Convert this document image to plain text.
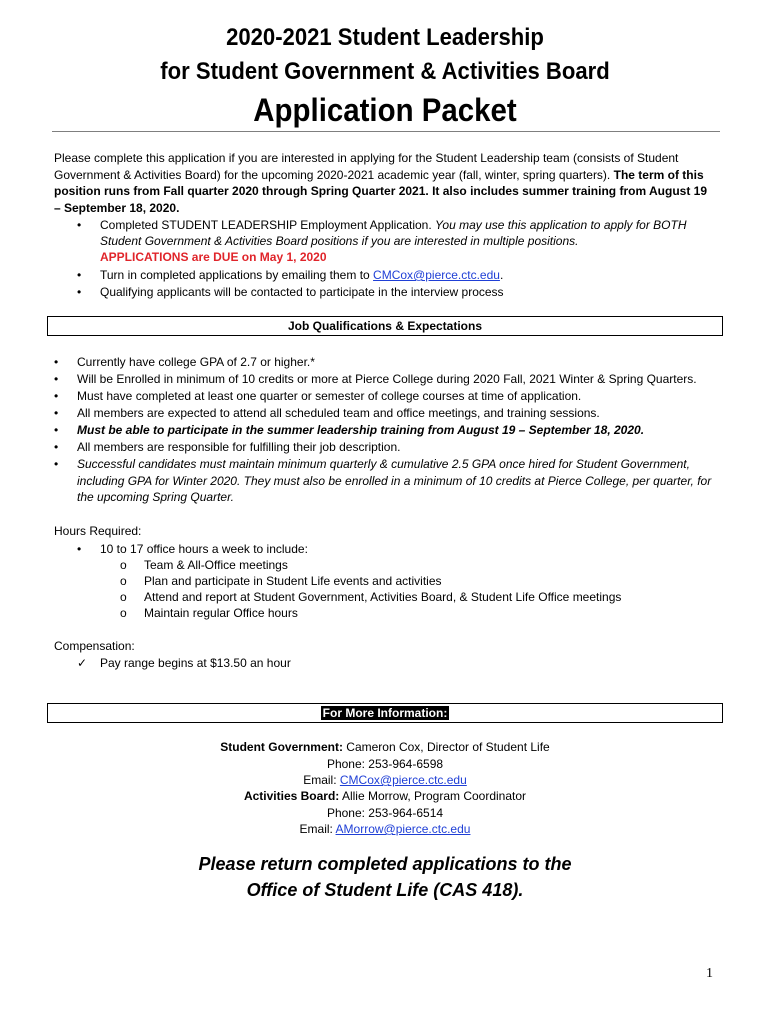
2020-2021 Student Leadership
for Student Government & Activities Board
Application Packet
Please complete this application if you are interested in applying for the Student Leadership team (consists of Student Government & Activities Board) for the upcoming 2020-2021 academic year (fall, winter, spring quarters). The term of this position runs from Fall quarter 2020 through Spring Quarter 2021. It also includes summer training from August 19 – September 18, 2020.
• Completed STUDENT LEADERSHIP Employment Application. You may use this application to apply for BOTH Student Government & Activities Board positions if you are interested in multiple positions.
APPLICATIONS are DUE on May 1, 2020
• Turn in completed applications by emailing them to CMCox@pierce.ctc.edu.
• Qualifying applicants will be contacted to participate in the interview process
Job Qualifications & Expectations
• Currently have college GPA of 2.7 or higher.*
• Will be Enrolled in minimum of 10 credits or more at Pierce College during 2020 Fall, 2021 Winter & Spring Quarters.
• Must have completed at least one quarter or semester of college courses at time of application.
• All members are expected to attend all scheduled team and office meetings, and training sessions.
• Must be able to participate in the summer leadership training from August 19 – September 18, 2020.
• All members are responsible for fulfilling their job description.
• Successful candidates must maintain minimum quarterly & cumulative 2.5 GPA once hired for Student Government, including GPA for Winter 2020. They must also be enrolled in a minimum of 10 credits at Pierce College, per quarter, for the upcoming Spring Quarter.
Hours Required:
• 10 to 17 office hours a week to include:
o Team & All-Office meetings
o Plan and participate in Student Life events and activities
o Attend and report at Student Government, Activities Board, & Student Life Office meetings
o Maintain regular Office hours
Compensation:
✓ Pay range begins at $13.50 an hour
For More Information:
Student Government: Cameron Cox, Director of Student Life
Phone: 253-964-6598
Email: CMCox@pierce.ctc.edu
Activities Board: Allie Morrow, Program Coordinator
Phone: 253-964-6514
Email: AMorrow@pierce.ctc.edu
Please return completed applications to the
Office of Student Life (CAS 418).
1
